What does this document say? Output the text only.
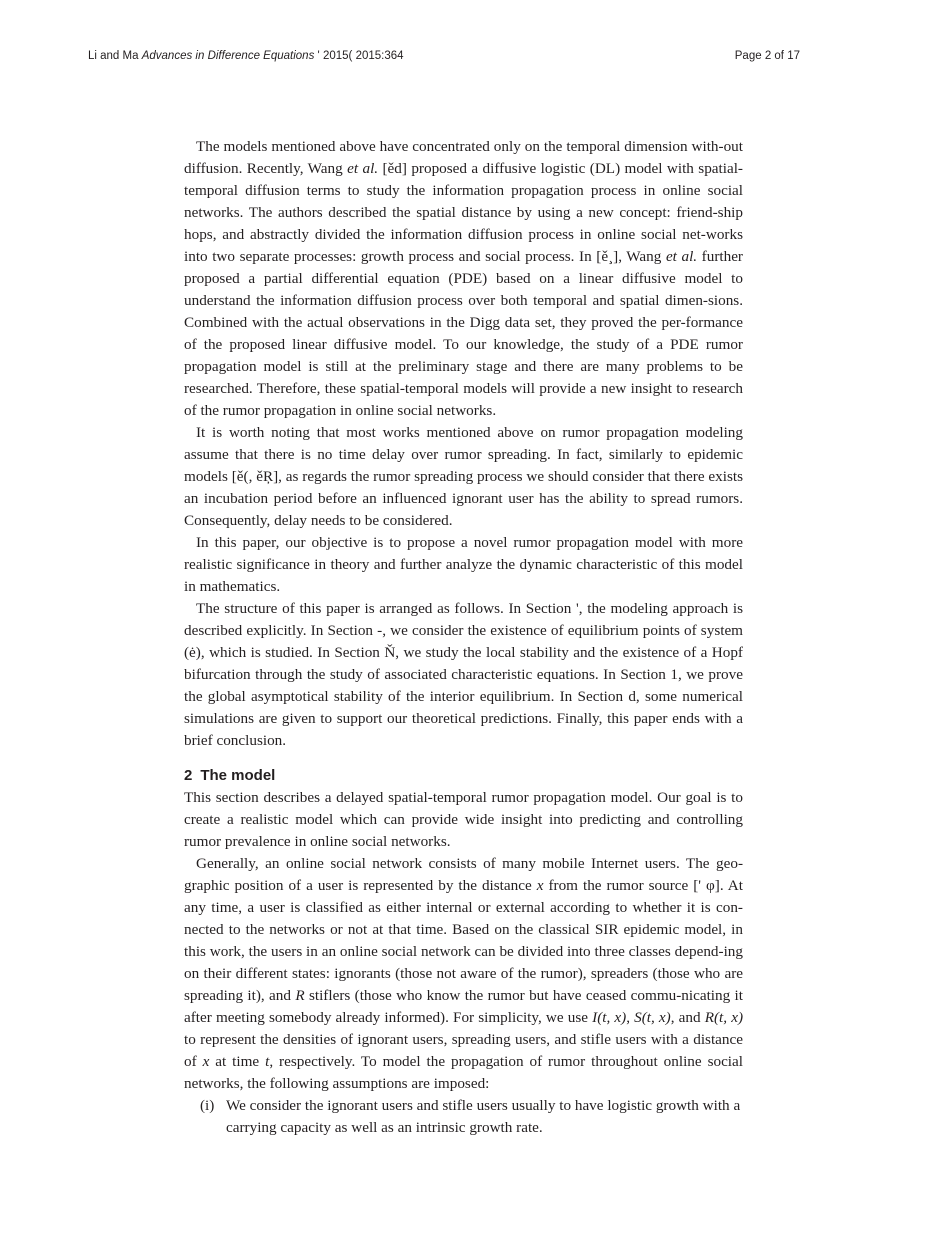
Li and Ma Advances in Difference Equations ' 2015( 2015:364	Page 2 of 17

The models mentioned above have concentrated only on the temporal dimension with-out diffusion. Recently, Wang et al. [ěd] proposed a diffusive logistic (DL) model with spatial-temporal diffusion terms to study the information propagation process in online social networks. The authors described the spatial distance by using a new concept: friend-ship hops, and abstractly divided the information diffusion process in online social net-works into two separate processes: growth process and social process. In [ě¸], Wang et al. further proposed a partial differential equation (PDE) based on a linear diffusive model to understand the information diffusion process over both temporal and spatial dimen-sions. Combined with the actual observations in the Digg data set, they proved the per-formance of the proposed linear diffusive model. To our knowledge, the study of a PDE rumor propagation model is still at the preliminary stage and there are many problems to be researched. Therefore, these spatial-temporal models will provide a new insight to research of the rumor propagation in online social networks.

It is worth noting that most works mentioned above on rumor propagation modeling assume that there is no time delay over rumor spreading. In fact, similarly to epidemic models [ě(, ěŖ], as regards the rumor spreading process we should consider that there exists an incubation period before an influenced ignorant user has the ability to spread rumors. Consequently, delay needs to be considered.

In this paper, our objective is to propose a novel rumor propagation model with more realistic significance in theory and further analyze the dynamic characteristic of this model in mathematics.

The structure of this paper is arranged as follows. In Section ', the modeling approach is described explicitly. In Section -, we consider the existence of equilibrium points of system (ė), which is studied. In Section Ň, we study the local stability and the existence of a Hopf bifurcation through the study of associated characteristic equations. In Section 1, we prove the global asymptotical stability of the interior equilibrium. In Section d, some numerical simulations are given to support our theoretical predictions. Finally, this paper ends with a brief conclusion.

2 The model

This section describes a delayed spatial-temporal rumor propagation model. Our goal is to create a realistic model which can provide wide insight into predicting and controlling rumor prevalence in online social networks.

Generally, an online social network consists of many mobile Internet users. The geo-graphic position of a user is represented by the distance x from the rumor source [' φ]. At any time, a user is classified as either internal or external according to whether it is con-nected to the networks or not at that time. Based on the classical SIR epidemic model, in this work, the users in an online social network can be divided into three classes depend-ing on their different states: ignorants (those not aware of the rumor), spreaders (those who are spreading it), and R stiflers (those who know the rumor but have ceased commu-nicating it after meeting somebody already informed). For simplicity, we use I(t, x), S(t, x), and R(t, x) to represent the densities of ignorant users, spreading users, and stifle users with a distance of x at time t, respectively. To model the propagation of rumor throughout online social networks, the following assumptions are imposed:

(i) We consider the ignorant users and stifle users usually to have logistic growth with a carrying capacity as well as an intrinsic growth rate.
